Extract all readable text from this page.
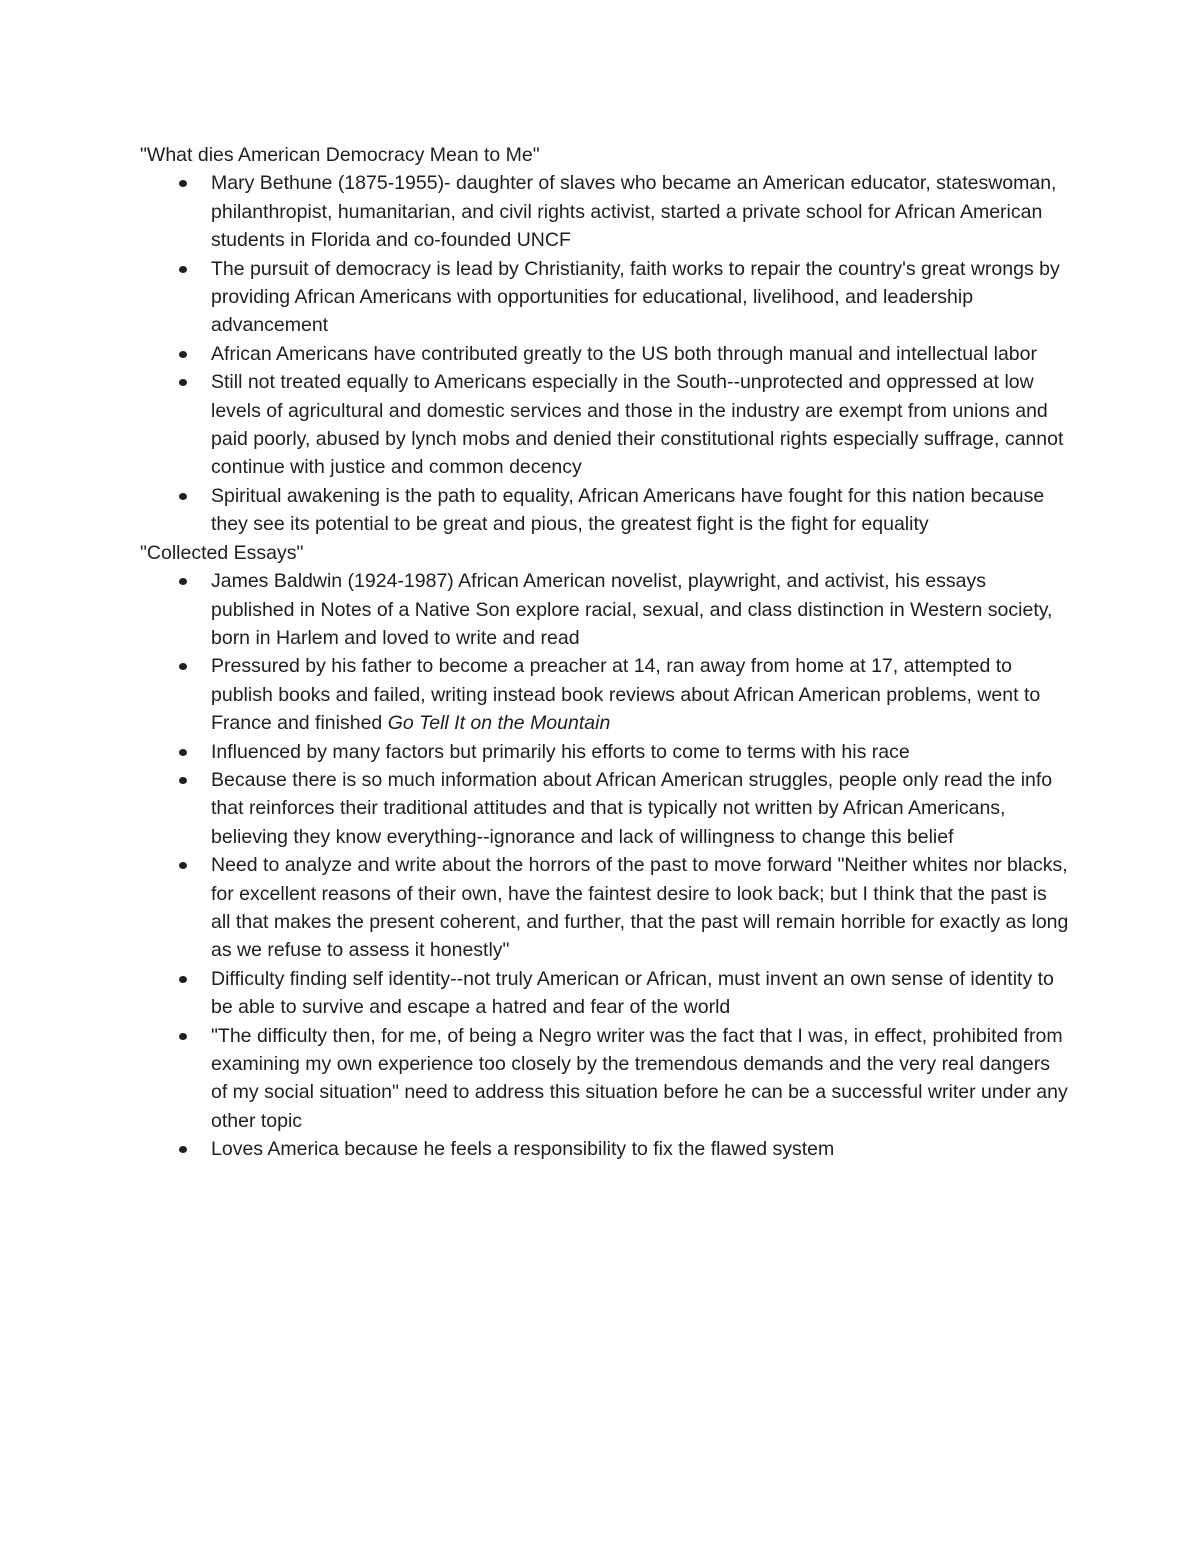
"What dies American Democracy Mean to Me"

Mary Bethune (1875-1955)- daughter of slaves who became an American educator, stateswoman, philanthropist, humanitarian, and civil rights activist, started a private school for African American students in Florida and co-founded UNCF
The pursuit of democracy is lead by Christianity, faith works to repair the country's great wrongs by providing African Americans with opportunities for educational, livelihood, and leadership advancement
African Americans have contributed greatly to the US both through manual and intellectual labor
Still not treated equally to Americans especially in the South--unprotected and oppressed at low levels of agricultural and domestic services and those in the industry are exempt from unions and paid poorly, abused by lynch mobs and denied their constitutional rights especially suffrage, cannot continue with justice and common decency
Spiritual awakening is the path to equality, African Americans have fought for this nation because they see its potential to be great and pious, the greatest fight is the fight for equality

"Collected Essays"

James Baldwin (1924-1987) African American novelist, playwright, and activist, his essays published in Notes of a Native Son explore racial, sexual, and class distinction in Western society, born in Harlem and loved to write and read
Pressured by his father to become a preacher at 14, ran away from home at 17, attempted to publish books and failed, writing instead book reviews about African American problems, went to France and finished Go Tell It on the Mountain
Influenced by many factors but primarily his efforts to come to terms with his race
Because there is so much information about African American struggles, people only read the info that reinforces their traditional attitudes and that is typically not written by African Americans, believing they know everything--ignorance and lack of willingness to change this belief
Need to analyze and write about the horrors of the past to move forward "Neither whites nor blacks, for excellent reasons of their own, have the faintest desire to look back; but I think that the past is all that makes the present coherent, and further, that the past will remain horrible for exactly as long as we refuse to assess it honestly"
Difficulty finding self identity--not truly American or African, must invent an own sense of identity to be able to survive and escape a hatred and fear of the world
"The difficulty then, for me, of being a Negro writer was the fact that I was, in effect, prohibited from examining my own experience too closely by the tremendous demands and the very real dangers of my social situation" need to address this situation before he can be a successful writer under any other topic
Loves America because he feels a responsibility to fix the flawed system
